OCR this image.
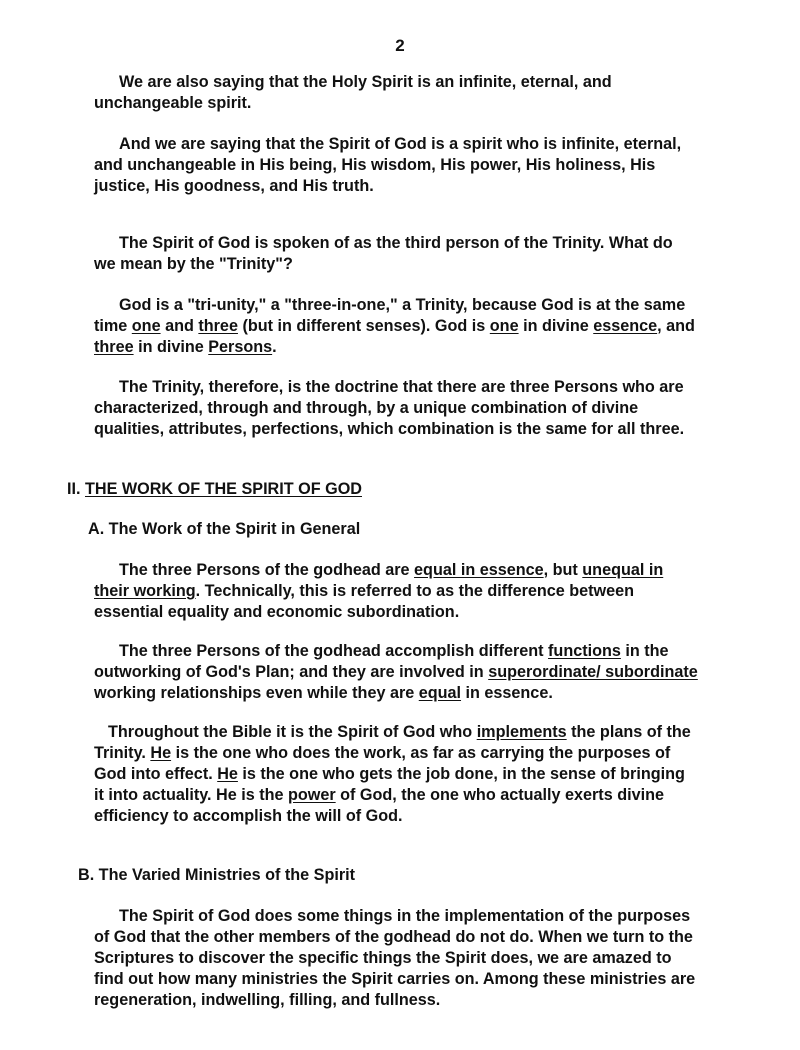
2

We are also saying that the Holy Spirit is an infinite, eternal, and
unchangeable spirit.

And we are saying that the Spirit of God is a spirit who is infinite, eternal,
and unchangeable in His being, His wisdom, His power, His holiness, His
justice, His goodness, and His truth.

The Spirit of God is spoken of as the third person of the Trinity. What do
we mean by the "Trinity"?

God is a "tri-unity," a "three-in-one," a Trinity, because God is at the same
time one and three (but in different senses). God is one in divine essence, and
three in divine Persons.

The Trinity, therefore, is the doctrine that there are three Persons who are
characterized, through and through, by a unique combination of divine
qualities, attributes, perfections, which combination is the same for all three.

II. THE WORK OF THE SPIRIT OF GOD
A. The Work of the Spirit in General

The three Persons of the godhead are equal in essence, but unequal in
their working. Technically, this is referred to as the difference between
essential equality and economic subordination.

The three Persons of the godhead accomplish different functions in the
outworking of God's Plan; and they are involved in superordinate/ subordinate
working relationships even while they are equal in essence.

Throughout the Bible it is the Spirit of God who implements the plans of the
Trinity. He is the one who does the work, as far as carrying the purposes of
God into effect. He is the one who gets the job done, in the sense of bringing
it into actuality. He is the power of God, the one who actually exerts divine
efficiency to accomplish the will of God.

B. The Varied Ministries of the Spirit

The Spirit of God does some things in the implementation of the purposes
of God that the other members of the godhead do not do. When we turn to the
Scriptures to discover the specific things the Spirit does, we are amazed to
find out how many ministries the Spirit carries on. Among these ministries are
regeneration, indwelling, filling, and fullness.
